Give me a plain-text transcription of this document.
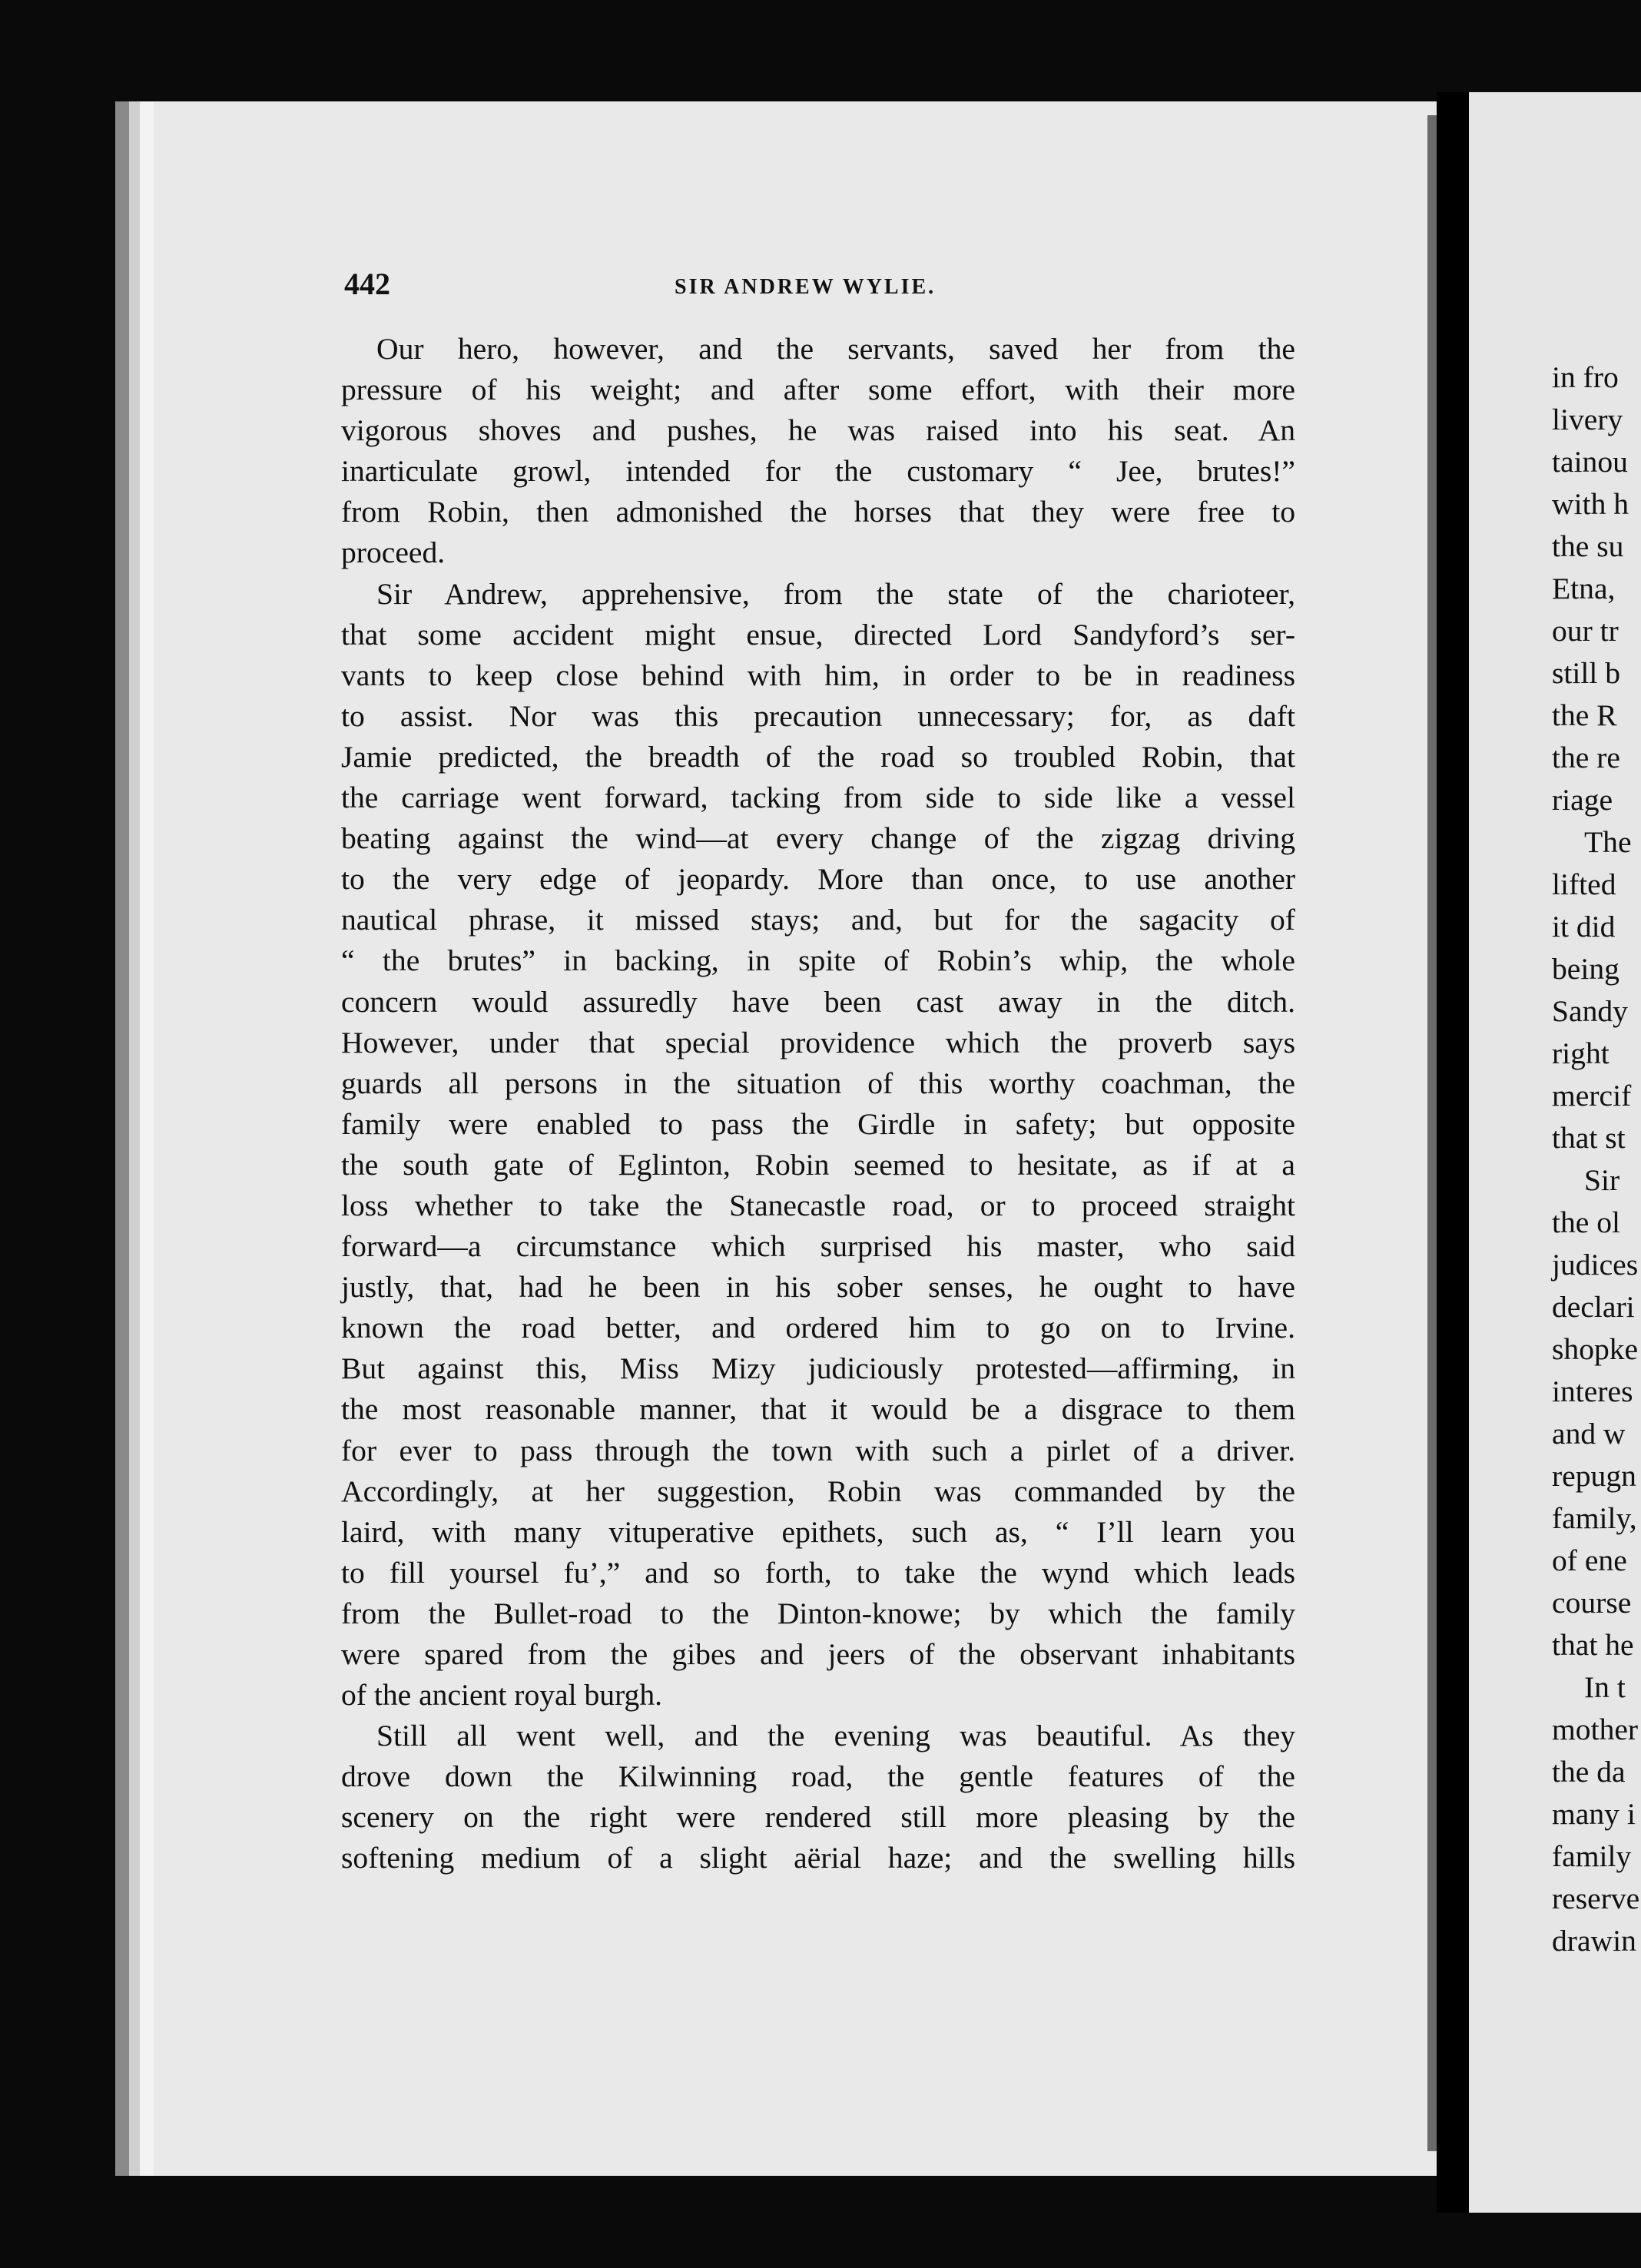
442	SIR ANDREW WYLIE.
Our hero, however, and the servants, saved her from the
pressure of his weight; and after some effort, with their more
vigorous shoves and pushes, he was raised into his seat. An
inarticulate growl, intended for the customary “ Jee, brutes!”
from Robin, then admonished the horses that they were free to
proceed.
Sir Andrew, apprehensive, from the state of the charioteer,
that some accident might ensue, directed Lord Sandyford’s ser-
vants to keep close behind with him, in order to be in readiness
to assist. Nor was this precaution unnecessary; for, as daft
Jamie predicted, the breadth of the road so troubled Robin, that
the carriage went forward, tacking from side to side like a vessel
beating against the wind—at every change of the zigzag driving
to the very edge of jeopardy. More than once, to use another
nautical phrase, it missed stays; and, but for the sagacity of
“ the brutes” in backing, in spite of Robin’s whip, the whole
concern would assuredly have been cast away in the ditch.
However, under that special providence which the proverb says
guards all persons in the situation of this worthy coachman, the
family were enabled to pass the Girdle in safety; but opposite
the south gate of Eglinton, Robin seemed to hesitate, as if at a
loss whether to take the Stanecastle road, or to proceed straight
forward—a circumstance which surprised his master, who said
justly, that, had he been in his sober senses, he ought to have
known the road better, and ordered him to go on to Irvine.
But against this, Miss Mizy judiciously protested—affirming, in
the most reasonable manner, that it would be a disgrace to them
for ever to pass through the town with such a pirlet of a driver.
Accordingly, at her suggestion, Robin was commanded by the
laird, with many vituperative epithets, such as, “ I’ll learn you
to fill yoursel fu’,” and so forth, to take the wynd which leads
from the Bullet-road to the Dinton-knowe; by which the family
were spared from the gibes and jeers of the observant inhabitants
of the ancient royal burgh.
Still all went well, and the evening was beautiful. As they
drove down the Kilwinning road, the gentle features of the
scenery on the right were rendered still more pleasing by the
softening medium of a slight aërial haze; and the swelling hills
in fro
livery
tainou
with h
the su
Etna,
our tr
still b
the R
the re
riage
The
lifted
it did
being
Sandy
right
mercif
that st
Sir
the ol
judices
declari
shopke
interes
and w
repugn
family,
of ene
course
that he
In t
mother
the da
many i
family
reserve
drawin
